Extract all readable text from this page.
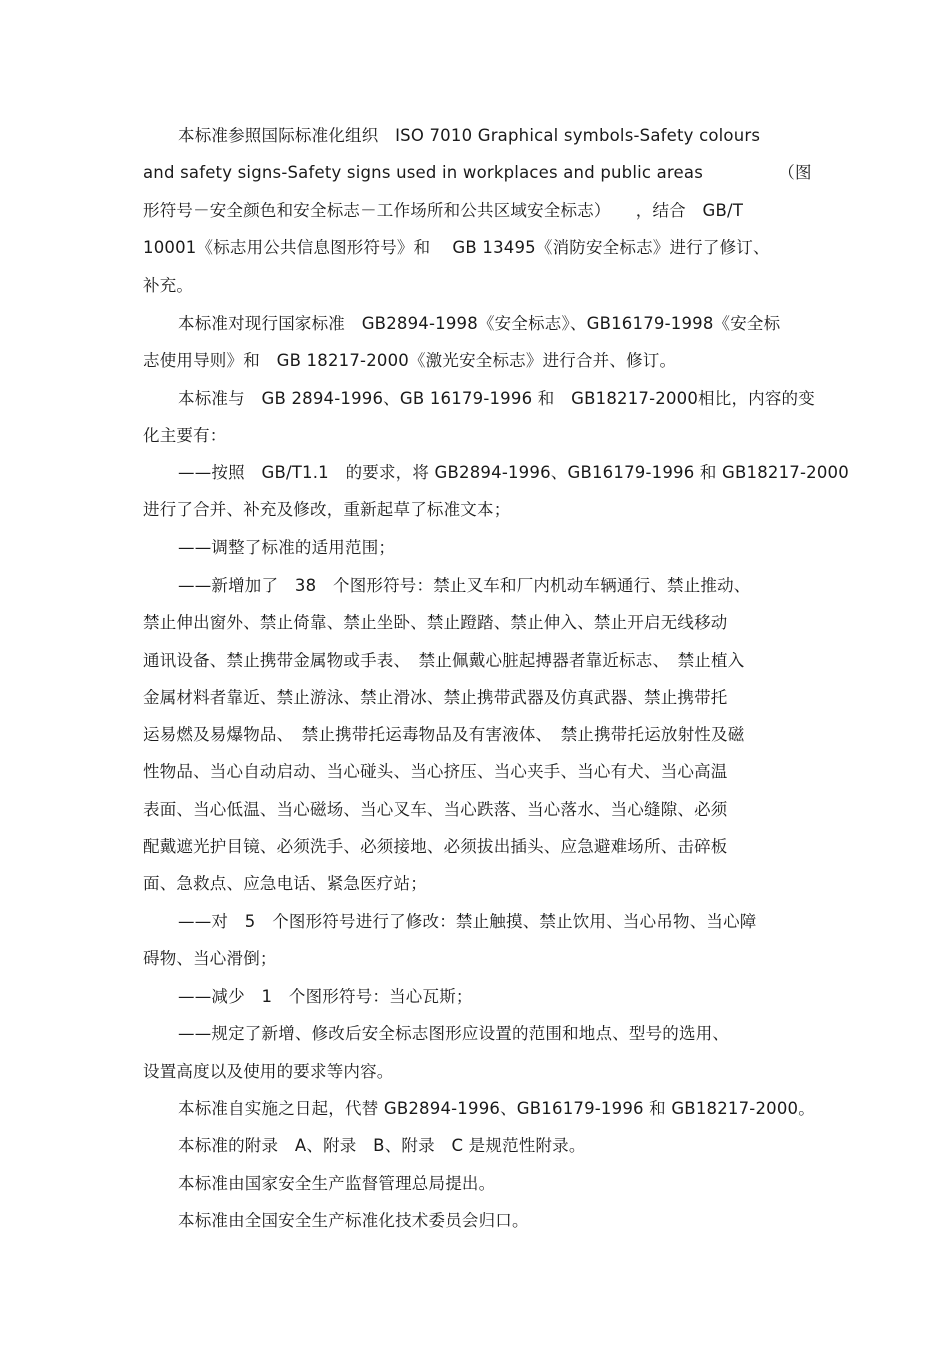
本标准参照国际标准化组织　ISO 7010 Graphical symbols-Safety colours
and safety signs-Safety signs used in workplaces and public areas　　　　　（图
形符号－安全颜色和安全标志－工作场所和公共区域安全标志）　　，结合　GB/T
10001《标志用公共信息图形符号》和　 GB 13495《消防安全标志》进行了修订、
补充。
本标准对现行国家标准　GB2894-1998《安全标志》、GB16179-1998《安全标
志使用导则》和　GB 18217-2000《激光安全标志》进行合并、修订。
本标准与　GB 2894-1996、GB 16179-1996 和　GB18217-2000相比，内容的变
化主要有：
——按照　GB/T1.1　的要求，将 GB2894-1996、GB16179-1996 和 GB18217-2000
进行了合并、补充及修改，重新起草了标准文本；
——调整了标准的适用范围；
——新增加了　38　个图形符号：禁止叉车和厂内机动车辆通行、禁止推动、
禁止伸出窗外、禁止倚靠、禁止坐卧、禁止蹬踏、禁止伸入、禁止开启无线移动
通讯设备、禁止携带金属物或手表、　禁止佩戴心脏起搏器者靠近标志、　禁止植入
金属材料者靠近、禁止游泳、禁止滑冰、禁止携带武器及仿真武器、禁止携带托
运易燃及易爆物品、　禁止携带托运毒物品及有害液体、　禁止携带托运放射性及磁
性物品、当心自动启动、当心碰头、当心挤压、当心夹手、当心有犬、当心高温
表面、当心低温、当心磁场、当心叉车、当心跌落、当心落水、当心缝隙、必须
配戴遮光护目镜、必须洗手、必须接地、必须拔出插头、应急避难场所、击碎板
面、急救点、应急电话、紧急医疗站；
——对　5　个图形符号进行了修改：禁止触摸、禁止饮用、当心吊物、当心障
碍物、当心滑倒；
——减少　1　个图形符号：当心瓦斯；
——规定了新增、修改后安全标志图形应设置的范围和地点、型号的选用、
设置高度以及使用的要求等内容。
本标准自实施之日起，代替 GB2894-1996、GB16179-1996 和 GB18217-2000。
本标准的附录　A、附录　B、附录　C 是规范性附录。
本标准由国家安全生产监督管理总局提出。
本标准由全国安全生产标准化技术委员会归口。
